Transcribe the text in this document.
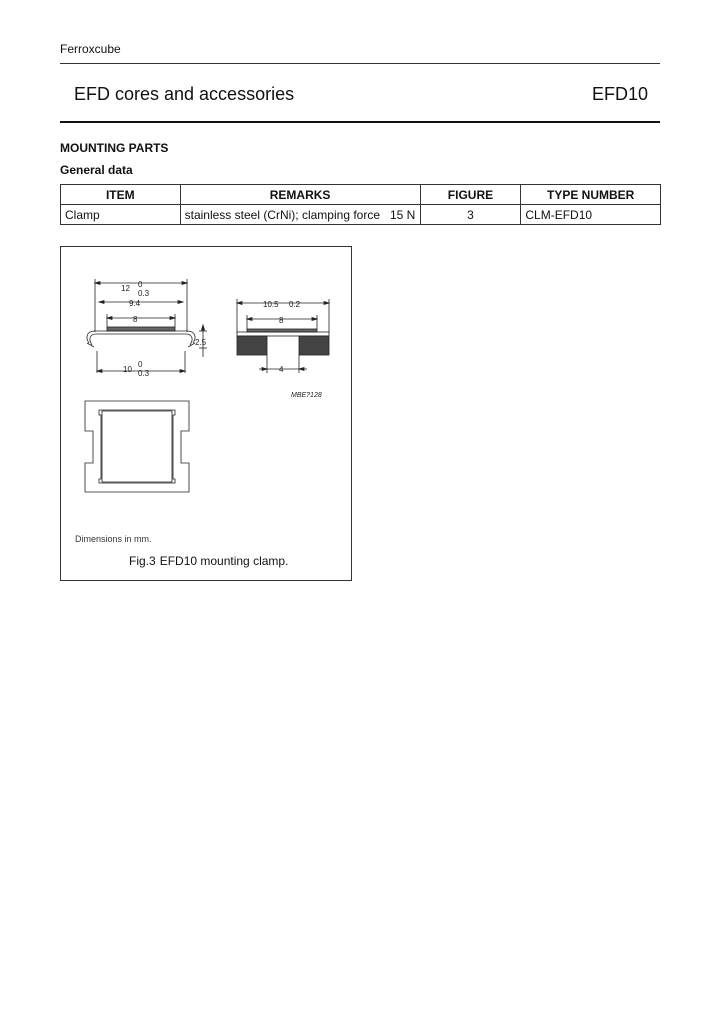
Ferroxcube
EFD cores and accessories	EFD10
MOUNTING PARTS
General data
ITEM	REMARKS	FIGURE	TYPE NUMBER
Clamp	stainless steel (CrNi); clamping force   15 N	3	CLM-EFD10
12 0
0.3
9.4
8
2.5
10
0
0.3
10.5 0.2
8
4
MBE?128
Dimensions in mm.
Fig.3 EFD10 mounting clamp.
